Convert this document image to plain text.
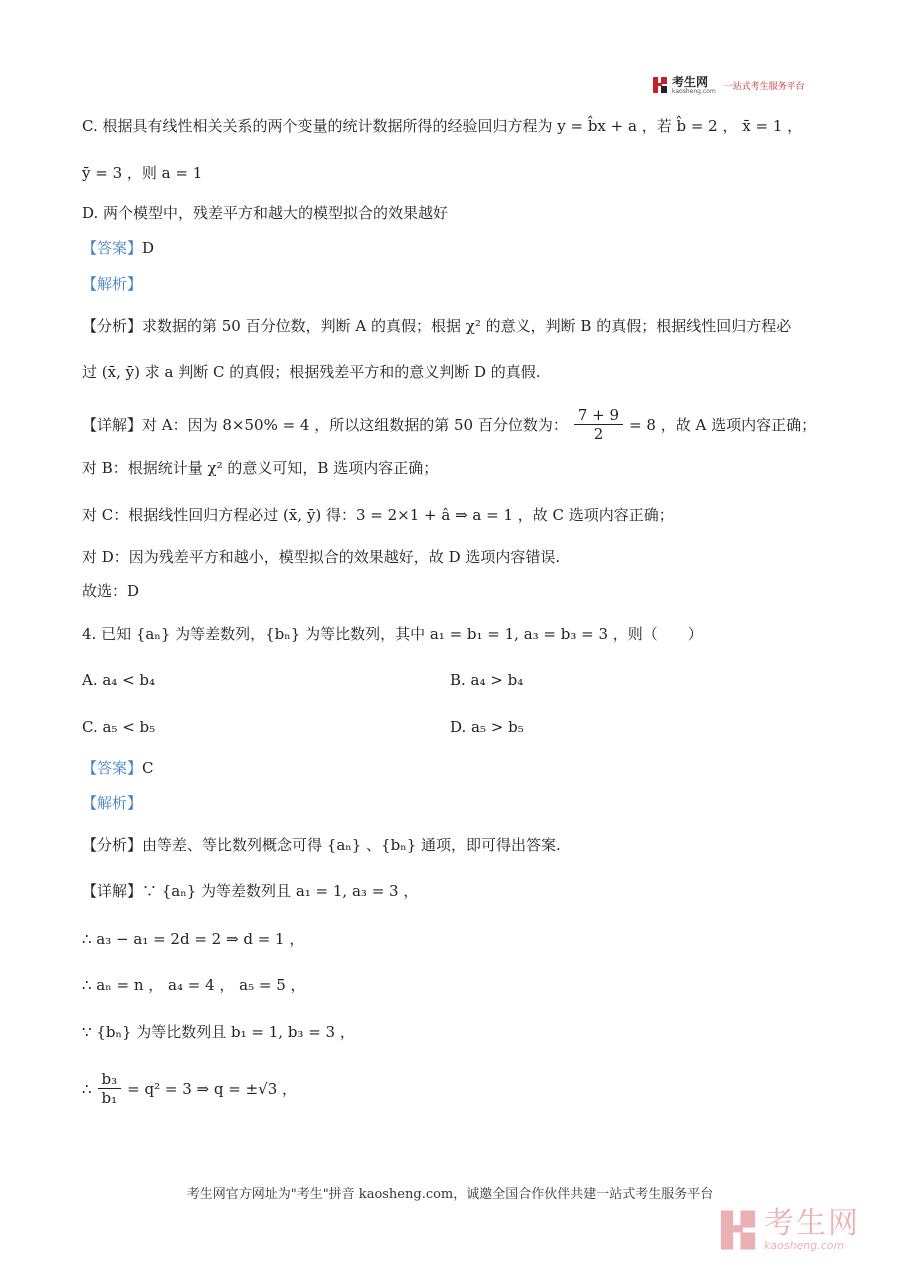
考生网
kaosheng.com 一站式考生服务平台
C. 根据具有线性相关关系的两个变量的统计数据所得的经验回归方程为 y = b̂x + a ，若 b̂ = 2 ， x̄ = 1 ，
ȳ = 3 ，则 a = 1
D. 两个模型中，残差平方和越大的模型拟合的效果越好
【答案】D
【解析】
【分析】求数据的第 50 百分位数，判断 A 的真假；根据 χ² 的意义，判断 B 的真假；根据线性回归方程必
过 (x̄, ȳ) 求 a 判断 C 的真假；根据残差平方和的意义判断 D 的真假.
【详解】对 A：因为 8×50% = 4 ，所以这组数据的第 50 百分位数为： $\frac{7 + 9}{2} = 8$ ，故 A 选项内容正确；
对 B：根据统计量 χ² 的意义可知，B 选项内容正确；
对 C：根据线性回归方程必过 (x̄, ȳ) 得：3 = 2×1 + â ⇒ a = 1 ，故 C 选项内容正确；
对 D：因为残差平方和越小，模型拟合的效果越好，故 D 选项内容错误.
故选：D
4. 已知 {aₙ} 为等差数列，{bₙ} 为等比数列，其中 a₁ = b₁ = 1, a₃ = b₃ = 3 ，则（　　）
A. a₄ < b₄	B. a₄ > b₄
C. a₅ < b₅	D. a₅ > b₅
【答案】C
【解析】
【分析】由等差、等比数列概念可得 {aₙ} 、{bₙ} 通项，即可得出答案.
【详解】∵ {aₙ} 为等差数列且 a₁ = 1, a₃ = 3 ，
∴ a₃ − a₁ = 2d = 2 ⇒ d = 1 ，
∴ aₙ = n ， a₄ = 4 ， a₅ = 5 ，
∵ {bₙ} 为等比数列且 b₁ = 1, b₃ = 3 ，
∴ $\frac{\text{b₃}}{\text{b₁}} = q^2 = 3$ ⇒ q = ±√3 ，
考生网官方网址为"考生"拼音 kaosheng.com，诚邀全国合作伙伴共建一站式考生服务平台
考生网
kaosheng.com
